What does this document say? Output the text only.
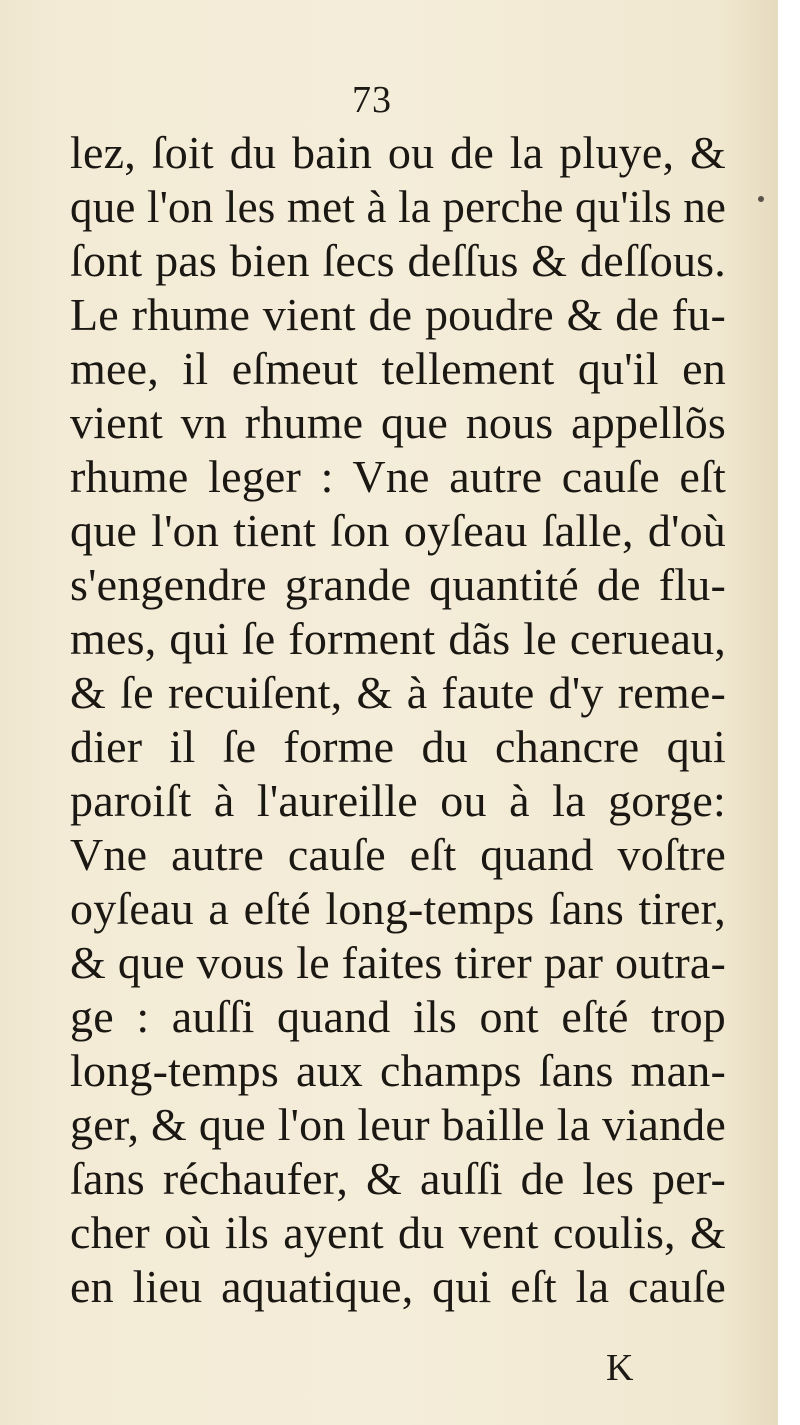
73
lez, ſoit du bain ou de la pluye, &
que l'on les met à la perche qu'ils ne
ſont pas bien ſecs deſſus & deſſous.
Le rhume vient de poudre & de fu-
mee, il eſmeut tellement qu'il en
vient vn rhume que nous appellõs
rhume leger : Vne autre cauſe eſt
que l'on tient ſon oyſeau ſalle, d'où
s'engendre grande quantité de flu-
mes, qui ſe forment dãs le cerueau,
& ſe recuiſent, & à faute d'y reme-
dier il ſe forme du chancre qui
paroiſt à l'aureille ou à la gorge:
Vne autre cauſe eſt quand voſtre
oyſeau a eſté long-temps ſans tirer,
& que vous le faites tirer par outra-
ge : auſſi quand ils ont eſté trop
long-temps aux champs ſans man-
ger, & que l'on leur baille la viande
ſans réchaufer, & auſſi de les per-
cher où ils ayent du vent coulis, &
en lieu aquatique, qui eſt la cauſe
K
